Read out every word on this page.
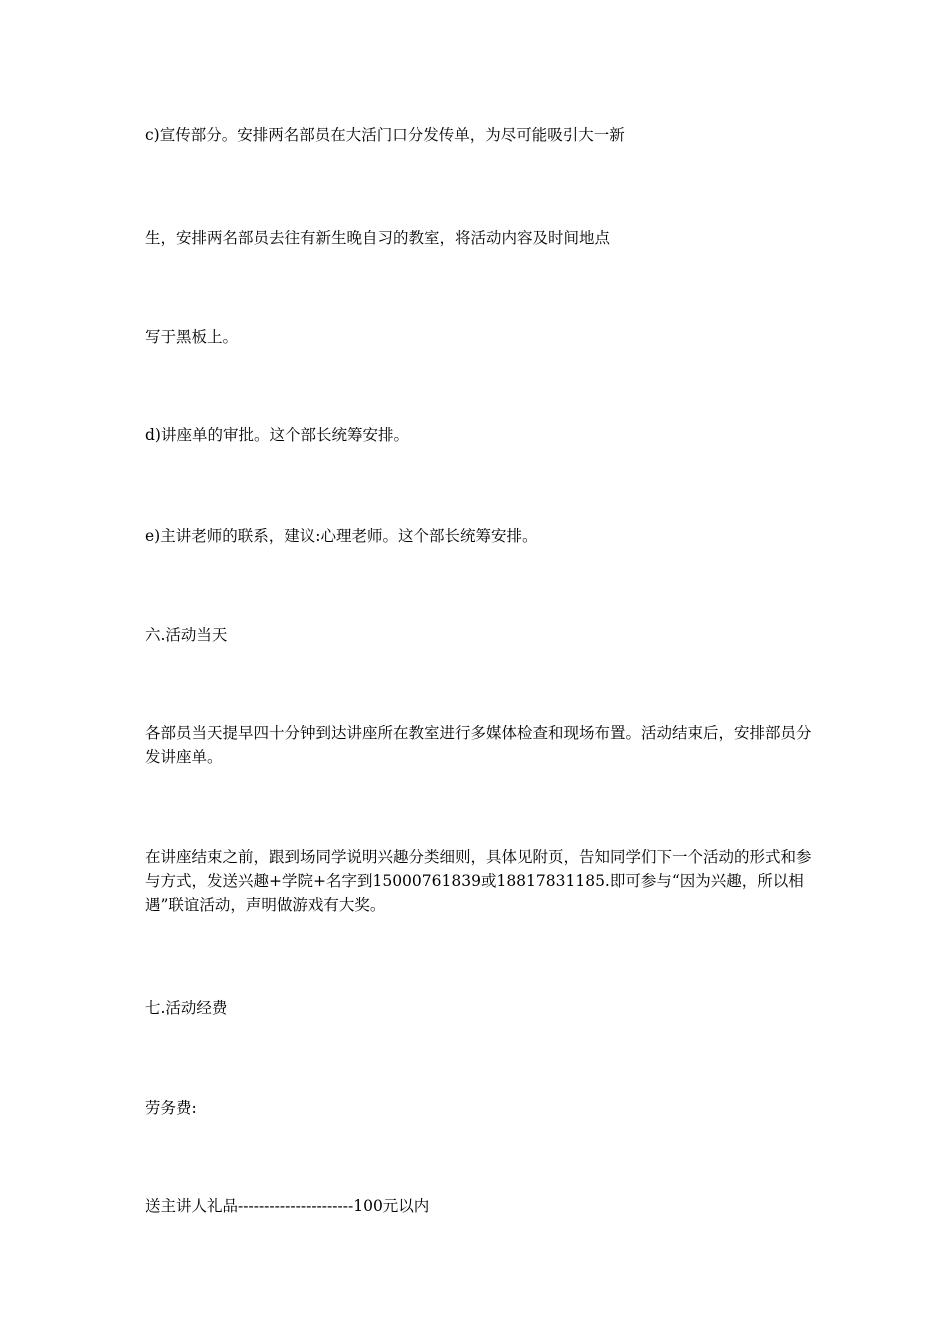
c)宣传部分。安排两名部员在大活门口分发传单，为尽可能吸引大一新

生，安排两名部员去往有新生晚自习的教室，将活动内容及时间地点

写于黑板上。

d)讲座单的审批。这个部长统筹安排。

e)主讲老师的联系，建议:心理老师。这个部长统筹安排。

六.活动当天

各部员当天提早四十分钟到达讲座所在教室进行多媒体检查和现场布置。活动结束后，安排部员分发讲座单。

在讲座结束之前，跟到场同学说明兴趣分类细则，具体见附页，告知同学们下一个活动的形式和参与方式，发送兴趣+学院+名字到15000761839或18817831185.即可参与“因为兴趣，所以相遇”联谊活动，声明做游戏有大奖。

七.活动经费

劳务费:

送主讲人礼品----------------------100元以内
